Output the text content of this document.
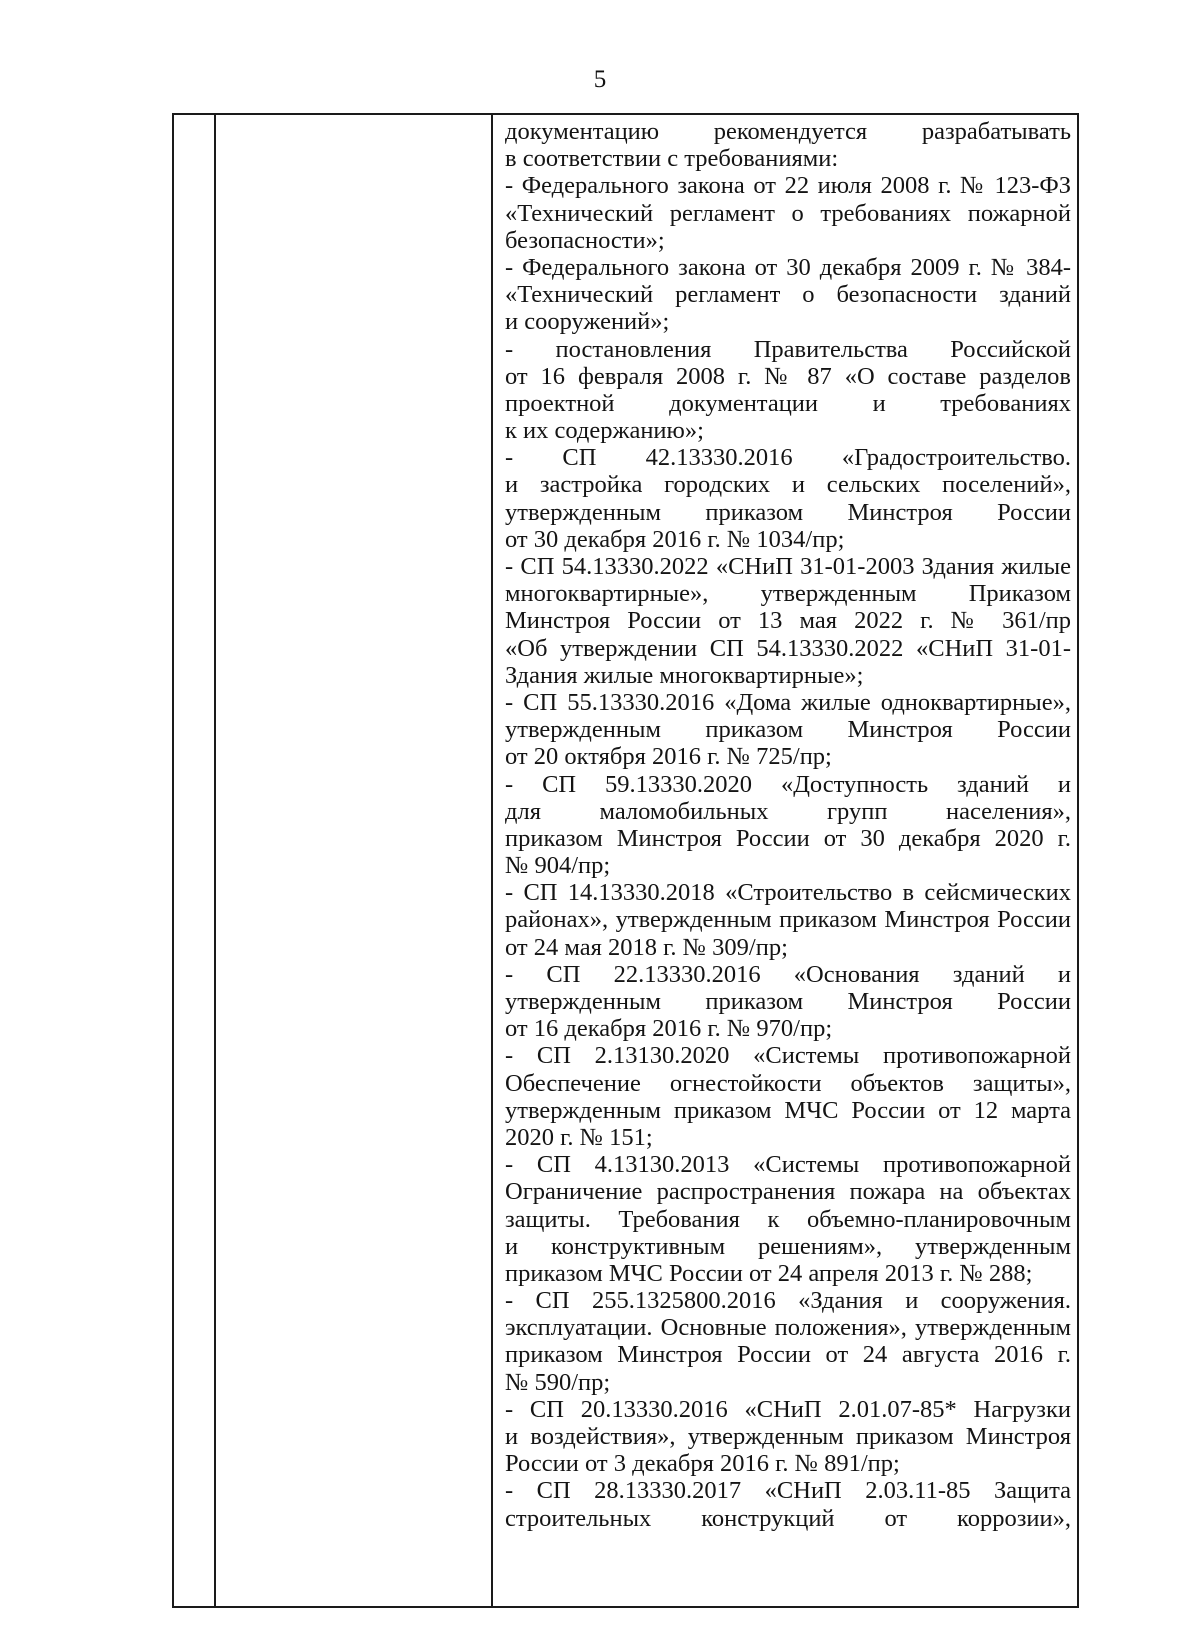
5
документацию рекомендуется разрабатывать
в соответствии с требованиями:
- Федерального закона от 22 июля 2008 г. № 123-ФЗ
«Технический регламент о требованиях пожарной
безопасности»;
- Федерального закона от 30 декабря 2009 г. № 384-
«Технический регламент о безопасности зданий
и сооружений»;
- постановления Правительства Российской
от 16 февраля 2008 г. № 87 «О составе разделов
проектной документации и требованиях
к их содержанию»;
- СП 42.13330.2016 «Градостроительство.
и застройка городских и сельских поселений»,
утвержденным приказом Минстроя России
от 30 декабря 2016 г. № 1034/пр;
- СП 54.13330.2022 «СНиП 31-01-2003 Здания жилые
многоквартирные», утвержденным Приказом
Минстроя России от 13 мая 2022 г. № 361/пр
«Об утверждении СП 54.13330.2022 «СНиП 31-01-
Здания жилые многоквартирные»;
- СП 55.13330.2016 «Дома жилые одноквартирные»,
утвержденным приказом Минстроя России
от 20 октября 2016 г. № 725/пр;
- СП 59.13330.2020 «Доступность зданий и
для маломобильных групп населения»,
приказом Минстроя России от 30 декабря 2020 г.
№ 904/пр;
- СП 14.13330.2018 «Строительство в сейсмических
районах», утвержденным приказом Минстроя России
от 24 мая 2018 г. № 309/пр;
- СП 22.13330.2016 «Основания зданий и
утвержденным приказом Минстроя России
от 16 декабря 2016 г. № 970/пр;
- СП 2.13130.2020 «Системы противопожарной
Обеспечение огнестойкости объектов защиты»,
утвержденным приказом МЧС России от 12 марта
2020 г. № 151;
- СП 4.13130.2013 «Системы противопожарной
Ограничение распространения пожара на объектах
защиты. Требования к объемно-планировочным
и конструктивным решениям», утвержденным
приказом МЧС России от 24 апреля 2013 г. № 288;
- СП 255.1325800.2016 «Здания и сооружения.
эксплуатации. Основные положения», утвержденным
приказом Минстроя России от 24 августа 2016 г.
№ 590/пр;
- СП 20.13330.2016 «СНиП 2.01.07-85* Нагрузки
и воздействия», утвержденным приказом Минстроя
России от 3 декабря 2016 г. № 891/пр;
- СП 28.13330.2017 «СНиП 2.03.11-85 Защита
строительных конструкций от коррозии»,
